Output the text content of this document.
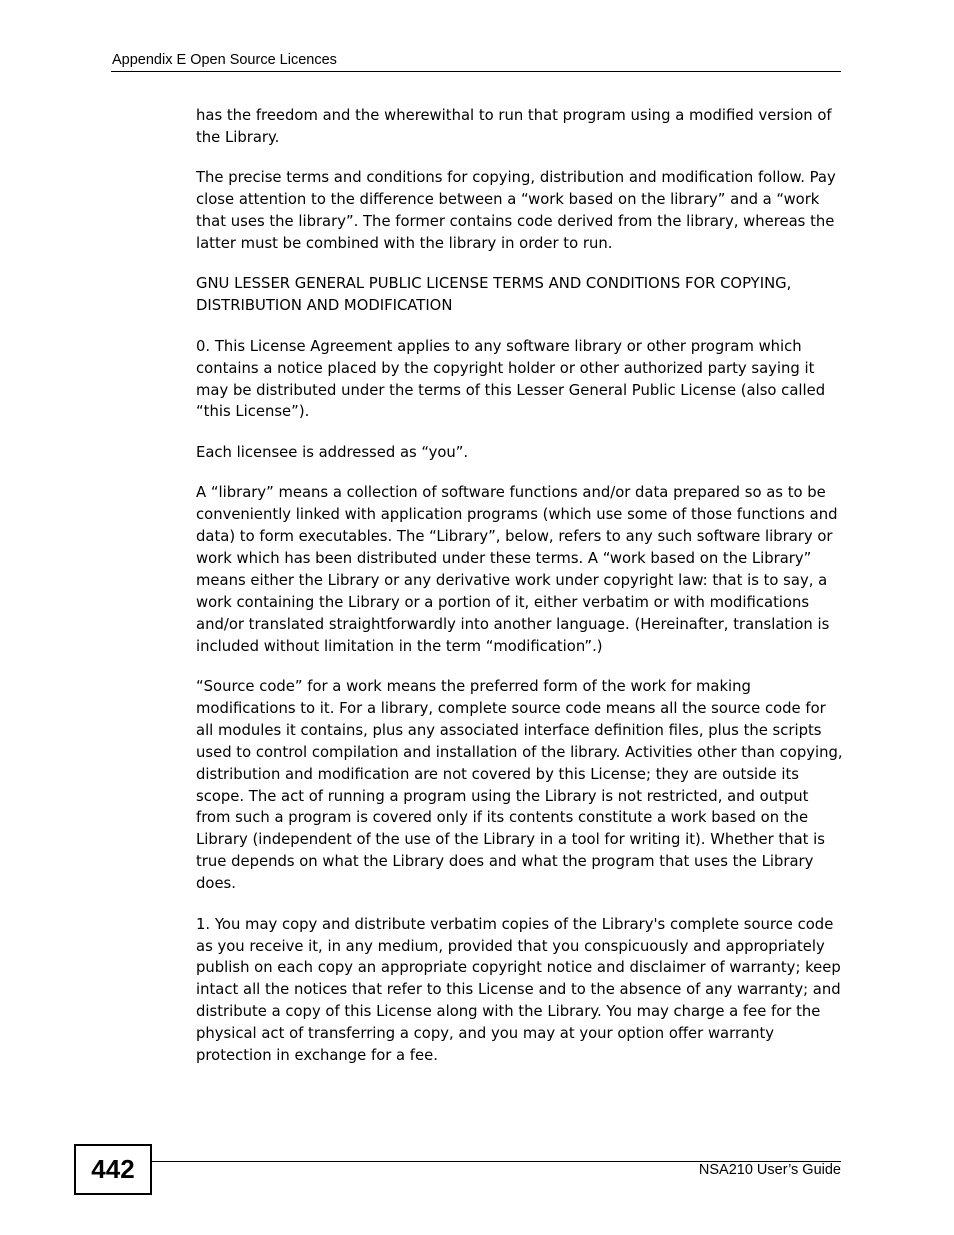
Appendix E Open Source Licences

has the freedom and the wherewithal to run that program using a modified version of the Library.

The precise terms and conditions for copying, distribution and modification follow. Pay close attention to the difference between a “work based on the library” and a “work that uses the library”. The former contains code derived from the library, whereas the latter must be combined with the library in order to run.

GNU LESSER GENERAL PUBLIC LICENSE TERMS AND CONDITIONS FOR COPYING, DISTRIBUTION AND MODIFICATION

0. This License Agreement applies to any software library or other program which contains a notice placed by the copyright holder or other authorized party saying it may be distributed under the terms of this Lesser General Public License (also called “this License”).

Each licensee is addressed as “you”.

A “library” means a collection of software functions and/or data prepared so as to be conveniently linked with application programs (which use some of those functions and data) to form executables. The “Library”, below, refers to any such software library or work which has been distributed under these terms. A “work based on the Library” means either the Library or any derivative work under copyright law: that is to say, a work containing the Library or a portion of it, either verbatim or with modifications and/or translated straightforwardly into another language. (Hereinafter, translation is included without limitation in the term “modification”.)

“Source code” for a work means the preferred form of the work for making modifications to it. For a library, complete source code means all the source code for all modules it contains, plus any associated interface definition files, plus the scripts used to control compilation and installation of the library. Activities other than copying, distribution and modification are not covered by this License; they are outside its scope. The act of running a program using the Library is not restricted, and output from such a program is covered only if its contents constitute a work based on the Library (independent of the use of the Library in a tool for writing it). Whether that is true depends on what the Library does and what the program that uses the Library does.

1. You may copy and distribute verbatim copies of the Library's complete source code as you receive it, in any medium, provided that you conspicuously and appropriately publish on each copy an appropriate copyright notice and disclaimer of warranty; keep intact all the notices that refer to this License and to the absence of any warranty; and distribute a copy of this License along with the Library. You may charge a fee for the physical act of transferring a copy, and you may at your option offer warranty protection in exchange for a fee.

442	NSA210 User’s Guide
